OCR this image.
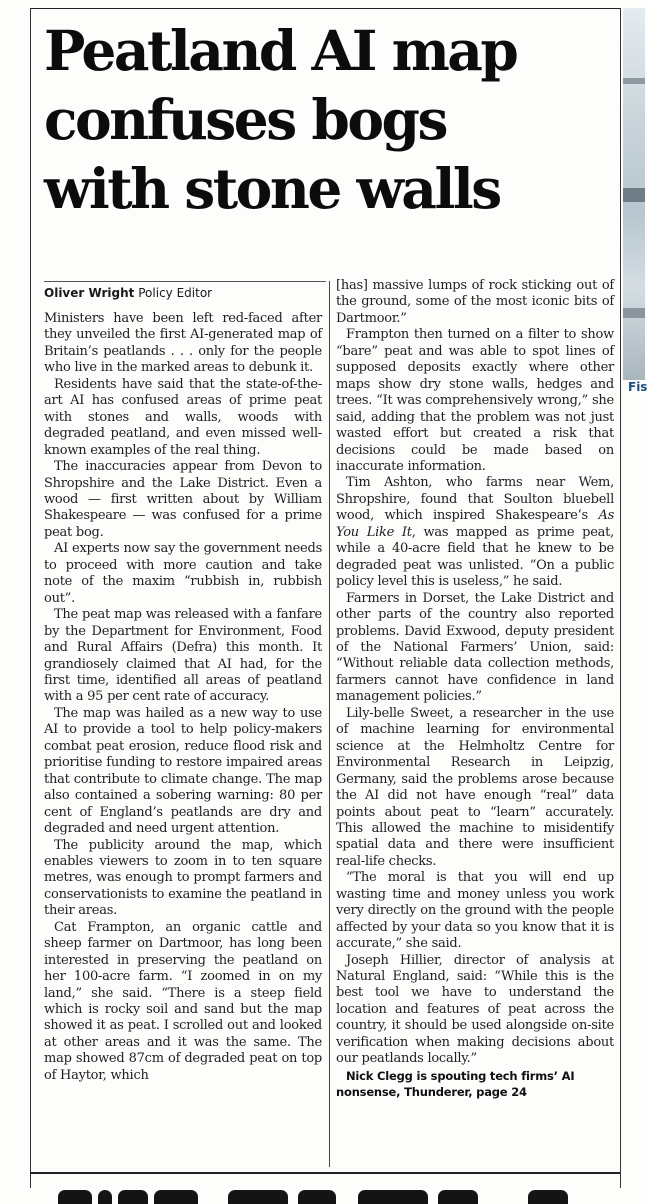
Fis
Peatland AI map
confuses bogs
with stone walls
Oliver Wright Policy Editor

Ministers have been left red-faced after they unveiled the first AI-generated map of Britain’s peatlands . . . only for the people who live in the marked areas to debunk it.

Residents have said that the state-of-the-art AI has confused areas of prime peat with stones and walls, woods with degraded peatland, and even missed well-known examples of the real thing.

The inaccuracies appear from Devon to Shropshire and the Lake District. Even a wood — first written about by William Shakespeare — was confused for a prime peat bog.

AI experts now say the government needs to proceed with more caution and take note of the maxim “rubbish in, rubbish out”.

The peat map was released with a fanfare by the Department for Environment, Food and Rural Affairs (Defra) this month. It grandiosely claimed that AI had, for the first time, identified all areas of peatland with a 95 per cent rate of accuracy.

The map was hailed as a new way to use AI to provide a tool to help policy-makers combat peat erosion, reduce flood risk and prioritise funding to restore impaired areas that contribute to climate change. The map also contained a sobering warning: 80 per cent of England’s peatlands are dry and degraded and need urgent attention.

The publicity around the map, which enables viewers to zoom in to ten square metres, was enough to prompt farmers and conservationists to examine the peatland in their areas.

Cat Frampton, an organic cattle and sheep farmer on Dartmoor, has long been interested in preserving the peatland on her 100-acre farm. “I zoomed in on my land,” she said. “There is a steep field which is rocky soil and sand but the map showed it as peat. I scrolled out and looked at other areas and it was the same. The map showed 87cm of degraded peat on top of Haytor, which

[has] massive lumps of rock sticking out of the ground, some of the most iconic bits of Dartmoor.”

Frampton then turned on a filter to show “bare” peat and was able to spot lines of supposed deposits exactly where other maps show dry stone walls, hedges and trees. “It was comprehensively wrong,” she said, adding that the problem was not just wasted effort but created a risk that decisions could be made based on inaccurate information.

Tim Ashton, who farms near Wem, Shropshire, found that Soulton bluebell wood, which inspired Shakespeare’s As You Like It, was mapped as prime peat, while a 40-acre field that he knew to be degraded peat was unlisted. “On a public policy level this is useless,” he said.

Farmers in Dorset, the Lake District and other parts of the country also reported problems. David Exwood, deputy president of the National Farmers’ Union, said: “Without reliable data collection methods, farmers cannot have confidence in land management policies.”

Lily-belle Sweet, a researcher in the use of machine learning for environmental science at the Helmholtz Centre for Environmental Research in Leipzig, Germany, said the problems arose because the AI did not have enough “real” data points about peat to “learn” accurately. This allowed the machine to misidentify spatial data and there were insufficient real-life checks.

“The moral is that you will end up wasting time and money unless you work very directly on the ground with the people affected by your data so you know that it is accurate,” she said.

Joseph Hillier, director of analysis at Natural England, said: “While this is the best tool we have to understand the location and features of peat across the country, it should be used alongside on-site verification when making decisions about our peatlands locally.”

Nick Clegg is spouting tech firms’ AI nonsense, Thunderer, page 24
